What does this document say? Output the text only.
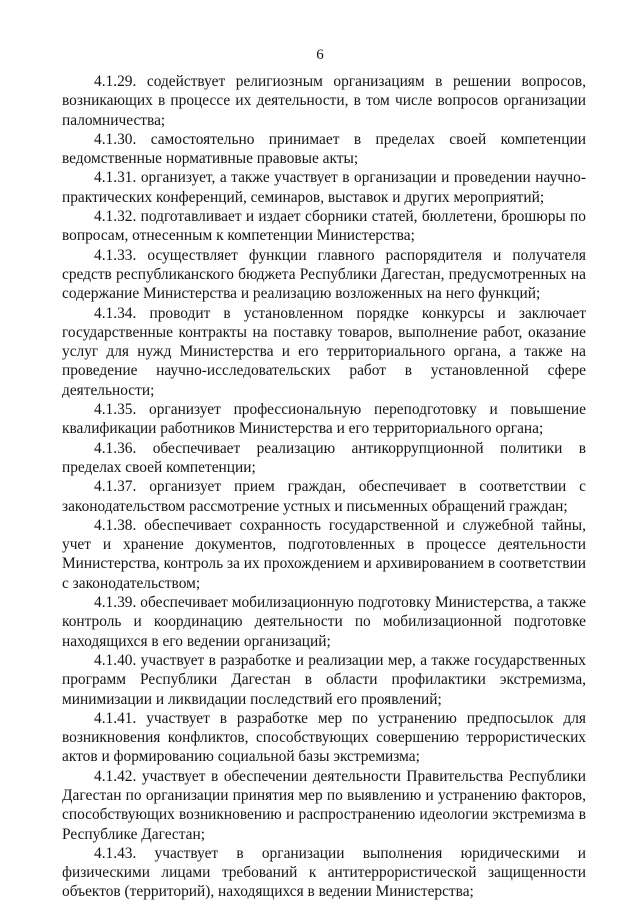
6

4.1.29. содействует религиозным организациям в решении вопросов, возникающих в процессе их деятельности, в том числе вопросов организации паломничества;

4.1.30. самостоятельно принимает в пределах своей компетенции ведомственные нормативные правовые акты;

4.1.31. организует, а также участвует в организации и проведении научно-практических конференций, семинаров, выставок и других мероприятий;

4.1.32. подготавливает и издает сборники статей, бюллетени, брошюры по вопросам, отнесенным к компетенции Министерства;

4.1.33. осуществляет функции главного распорядителя и получателя средств республиканского бюджета Республики Дагестан, предусмотренных на содержание Министерства и реализацию возложенных на него функций;

4.1.34. проводит в установленном порядке конкурсы и заключает государственные контракты на поставку товаров, выполнение работ, оказание услуг для нужд Министерства и его территориального органа, а также на проведение научно-исследовательских работ в установленной сфере деятельности;

4.1.35. организует профессиональную переподготовку и повышение квалификации работников Министерства и его территориального органа;

4.1.36. обеспечивает реализацию антикоррупционной политики в пределах своей компетенции;

4.1.37. организует прием граждан, обеспечивает в соответствии с законодательством рассмотрение устных и письменных обращений граждан;

4.1.38. обеспечивает сохранность государственной и служебной тайны, учет и хранение документов, подготовленных в процессе деятельности Министерства, контроль за их прохождением и архивированием в соответствии с законодательством;

4.1.39. обеспечивает мобилизационную подготовку Министерства, а также контроль и координацию деятельности по мобилизационной подготовке находящихся в его ведении организаций;

4.1.40. участвует в разработке и реализации мер, а также государственных программ Республики Дагестан в области профилактики экстремизма, минимизации и ликвидации последствий его проявлений;

4.1.41. участвует в разработке мер по устранению предпосылок для возникновения конфликтов, способствующих совершению террористических актов и формированию социальной базы экстремизма;

4.1.42. участвует в обеспечении деятельности Правительства Республики Дагестан по организации принятия мер по выявлению и устранению факторов, способствующих возникновению и распространению идеологии экстремизма в Республике Дагестан;

4.1.43. участвует в организации выполнения юридическими и физическими лицами требований к антитеррористической защищенности объектов (территорий), находящихся в ведении Министерства;
